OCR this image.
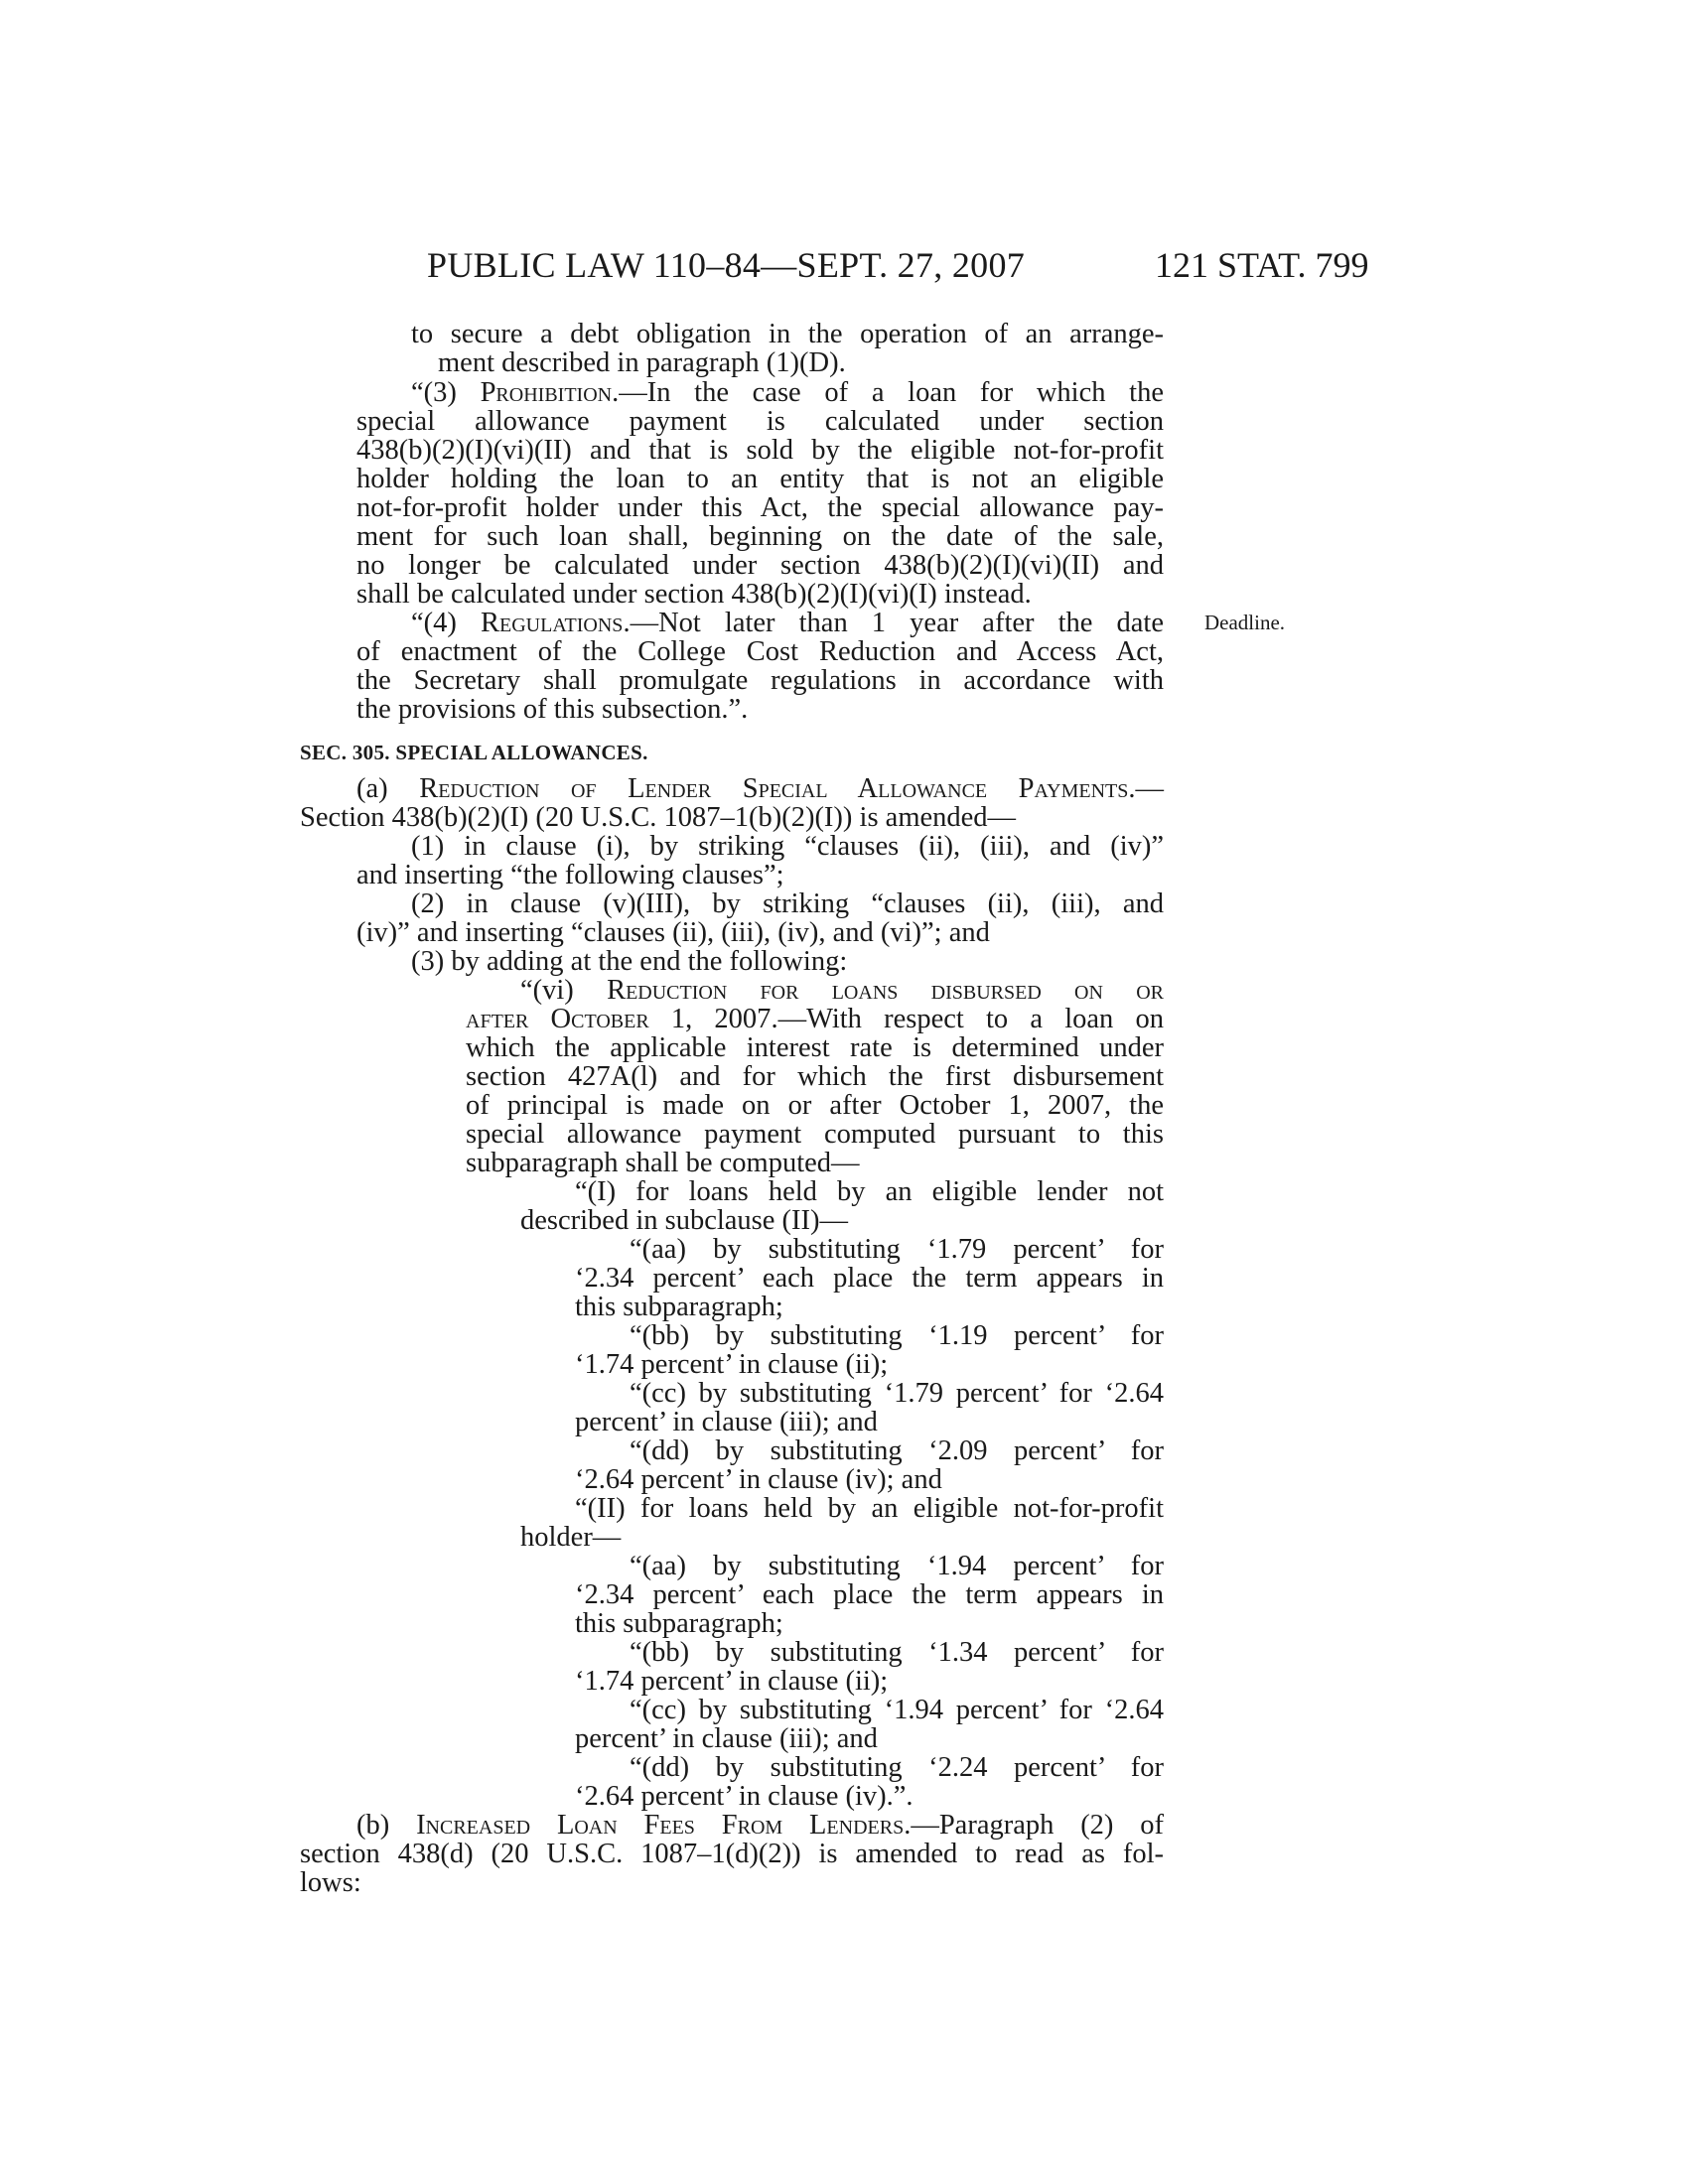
PUBLIC LAW 110–84—SEPT. 27, 2007	121 STAT. 799
Deadline.
to secure a debt obligation in the operation of an arrange-
ment described in paragraph (1)(D).
“(3) Prohibition.—In the case of a loan for which the
special allowance payment is calculated under section
438(b)(2)(I)(vi)(II) and that is sold by the eligible not-for-profit
holder holding the loan to an entity that is not an eligible
not-for-profit holder under this Act, the special allowance pay-
ment for such loan shall, beginning on the date of the sale,
no longer be calculated under section 438(b)(2)(I)(vi)(II) and
shall be calculated under section 438(b)(2)(I)(vi)(I) instead.
“(4) Regulations.—Not later than 1 year after the date
of enactment of the College Cost Reduction and Access Act,
the Secretary shall promulgate regulations in accordance with
the provisions of this subsection.”.
SEC. 305. SPECIAL ALLOWANCES.
(a) Reduction of Lender Special Allowance Payments.—
Section 438(b)(2)(I) (20 U.S.C. 1087–1(b)(2)(I)) is amended—
(1) in clause (i), by striking “clauses (ii), (iii), and (iv)”
and inserting “the following clauses”;
(2) in clause (v)(III), by striking “clauses (ii), (iii), and
(iv)” and inserting “clauses (ii), (iii), (iv), and (vi)”; and
(3) by adding at the end the following:
“(vi) Reduction for loans disbursed on or
after October 1, 2007.—With respect to a loan on
which the applicable interest rate is determined under
section 427A(l) and for which the first disbursement
of principal is made on or after October 1, 2007, the
special allowance payment computed pursuant to this
subparagraph shall be computed—
“(I) for loans held by an eligible lender not
described in subclause (II)—
“(aa) by substituting ‘1.79 percent’ for
‘2.34 percent’ each place the term appears in
this subparagraph;
“(bb) by substituting ‘1.19 percent’ for
‘1.74 percent’ in clause (ii);
“(cc) by substituting ‘1.79 percent’ for ‘2.64
percent’ in clause (iii); and
“(dd) by substituting ‘2.09 percent’ for
‘2.64 percent’ in clause (iv); and
“(II) for loans held by an eligible not-for-profit
holder—
“(aa) by substituting ‘1.94 percent’ for
‘2.34 percent’ each place the term appears in
this subparagraph;
“(bb) by substituting ‘1.34 percent’ for
‘1.74 percent’ in clause (ii);
“(cc) by substituting ‘1.94 percent’ for ‘2.64
percent’ in clause (iii); and
“(dd) by substituting ‘2.24 percent’ for
‘2.64 percent’ in clause (iv).”.
(b) Increased Loan Fees From Lenders.—Paragraph (2) of
section 438(d) (20 U.S.C. 1087–1(d)(2)) is amended to read as fol-
lows:
